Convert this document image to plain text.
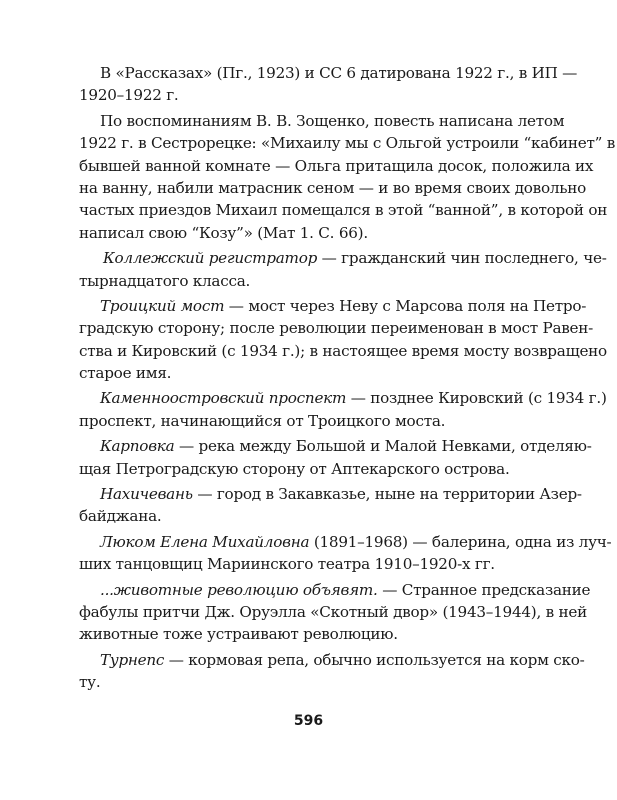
В «Рассказах» (Пг., 1923) и СС 6 датирована 1922 г., в ИП —
1920–1922 г.

По воспоминаниям В. В. Зощенко, повесть написана летом
1922 г. в Сестрорецке: «Михаилу мы с Ольгой устроили “кабинет” в
бывшей ванной комнате — Ольга притащила досок, положила их
на ванну, набили матрасник сеном — и во время своих довольно
частых приездов Михаил помещался в этой “ванной”, в которой он
написал свою “Козу”» (Мат 1. С. 66).

Коллежский регистратор — гражданский чин последнего, че-
тырнадцатого класса.

Троицкий мост — мост через Неву с Марсова поля на Петро-
градскую сторону; после революции переименован в мост Равен-
ства и Кировский (с 1934 г.); в настоящее время мосту возвращено
старое имя.

Каменноостровский проспект — позднее Кировский (с 1934 г.)
проспект, начинающийся от Троицкого моста.

Карповка — река между Большой и Малой Невками, отделяю-
щая Петроградскую сторону от Аптекарского острова.

Нахичевань — город в Закавказье, ныне на территории Азер-
байджана.

Люком Елена Михайловна (1891–1968) — балерина, одна из луч-
ших танцовщиц Мариинского театра 1910–1920-х гг.

...животные революцию объявят. — Странное предсказание
фабулы притчи Дж. Оруэлла «Скотный двор» (1943–1944), в ней
животные тоже устраивают революцию.

Турнепс — кормовая репа, обычно используется на корм ско-
ту.

596
